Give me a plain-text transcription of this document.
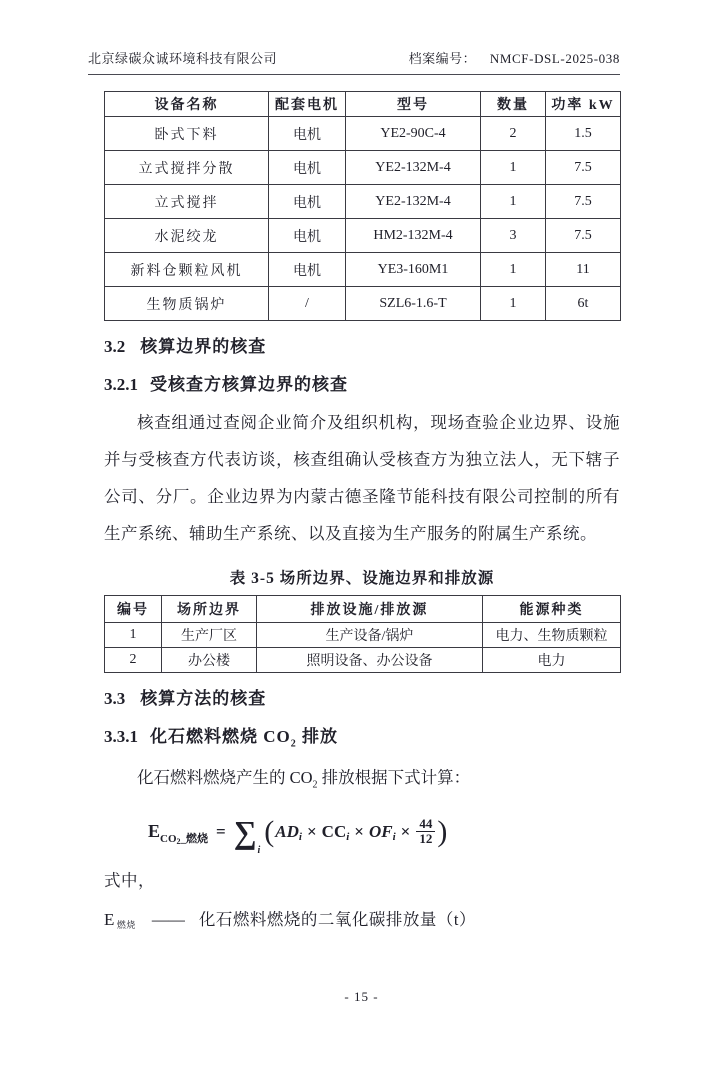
北京绿碳众诚环境科技有限公司	档案编号： NMCF-DSL-2025-038
设备名称	配套电机	型号	数量	功率 kW
卧式下料	电机	YE2-90C-4	2	1.5
立式搅拌分散	电机	YE2-132M-4	1	7.5
立式搅拌	电机	YE2-132M-4	1	7.5
水泥绞龙	电机	HM2-132M-4	3	7.5
新料仓颗粒风机	电机	YE3-160M1	1	11
生物质锅炉	/	SZL6-1.6-T	1	6t
3.2 核算边界的核查
3.2.1 受核查方核算边界的核查

核查组通过查阅企业简介及组织机构，现场查验企业边界、设施并与受核查方代表访谈，核查组确认受核查方为独立法人，无下辖子公司、分厂。企业边界为内蒙古德圣隆节能科技有限公司控制的所有生产系统、辅助生产系统、以及直接为生产服务的附属生产系统。

表 3-5 场所边界、设施边界和排放源
编号	场所边界	排放设施/排放源	能源种类
1	生产厂区	生产设备/锅炉	电力、生物质颗粒
2	办公楼	照明设备、办公设备	电力
3.3 核算方法的核查
3.3.1 化石燃料燃烧 $CO_2$ 排放

化石燃料燃烧产生的 $CO_2$ 排放根据下式计算：

E CO2_燃烧 = $\sum_i$
( AD i × CC i × OF $i \times \frac{44}{12}$ )

式中，

E燃烧 —— 化石燃料燃烧的二氧化碳排放量（t）
- 15 -
